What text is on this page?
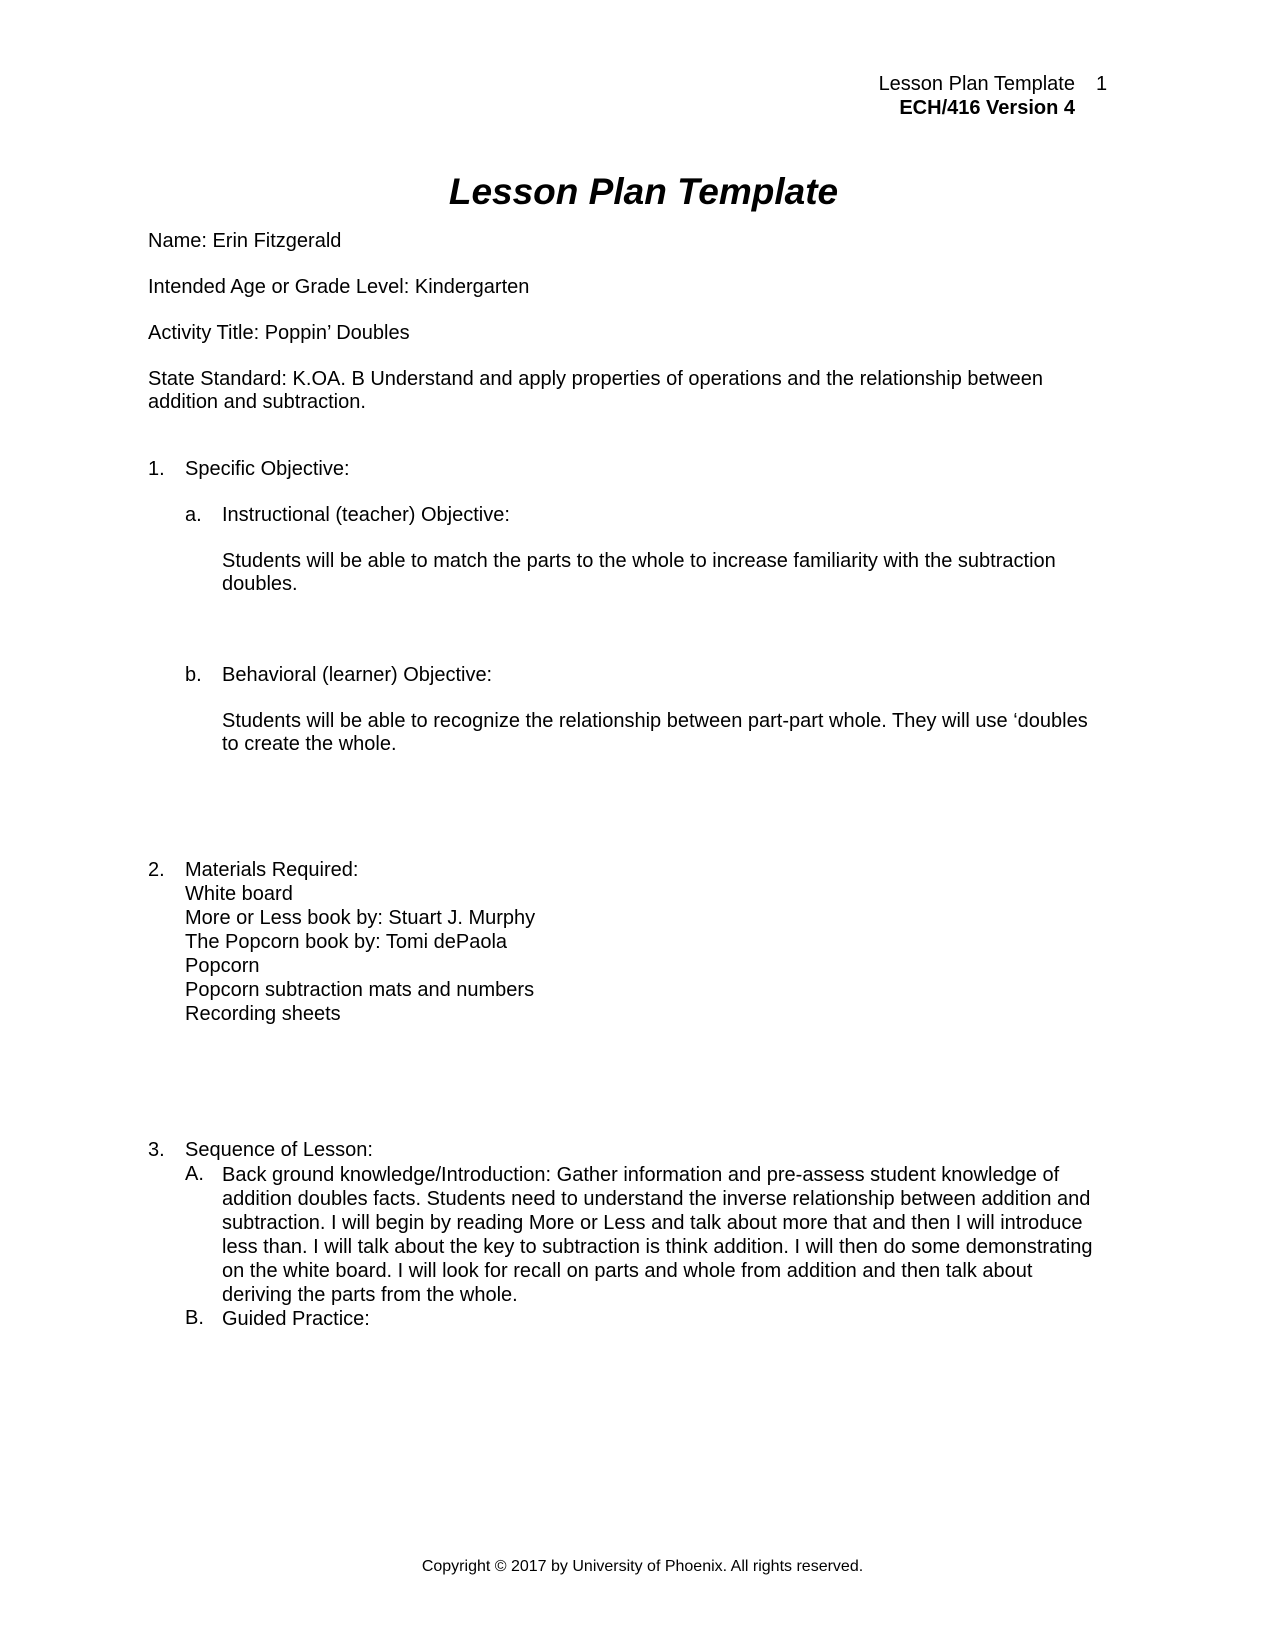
Lesson Plan Template
ECH/416 Version 4
1
Lesson Plan Template
Name: Erin Fitzgerald
Intended Age or Grade Level: Kindergarten
Activity Title: Poppin’ Doubles
State Standard: K.OA. B Understand and apply properties of operations and the relationship between addition and subtraction.
1.	Specific Objective:
a. Instructional (teacher) Objective:
Students will be able to match the parts to the whole to increase familiarity with the subtraction doubles.
b. Behavioral (learner) Objective:
Students will be able to recognize the relationship between part-part whole. They will use ‘doubles to create the whole.
2.	Materials Required:
White board
More or Less book by: Stuart J. Murphy
The Popcorn book by: Tomi dePaola
Popcorn
Popcorn subtraction mats and numbers
Recording sheets
3.	Sequence of Lesson:
A. Back ground knowledge/Introduction: Gather information and pre-assess student knowledge of addition doubles facts. Students need to understand the inverse relationship between addition and subtraction. I will begin by reading More or Less and talk about more that and then I will introduce less than. I will talk about the key to subtraction is think addition. I will then do some demonstrating on the white board. I will look for recall on parts and whole from addition and then talk about deriving the parts from the whole.
B. Guided Practice:
Copyright © 2017 by University of Phoenix. All rights reserved.
